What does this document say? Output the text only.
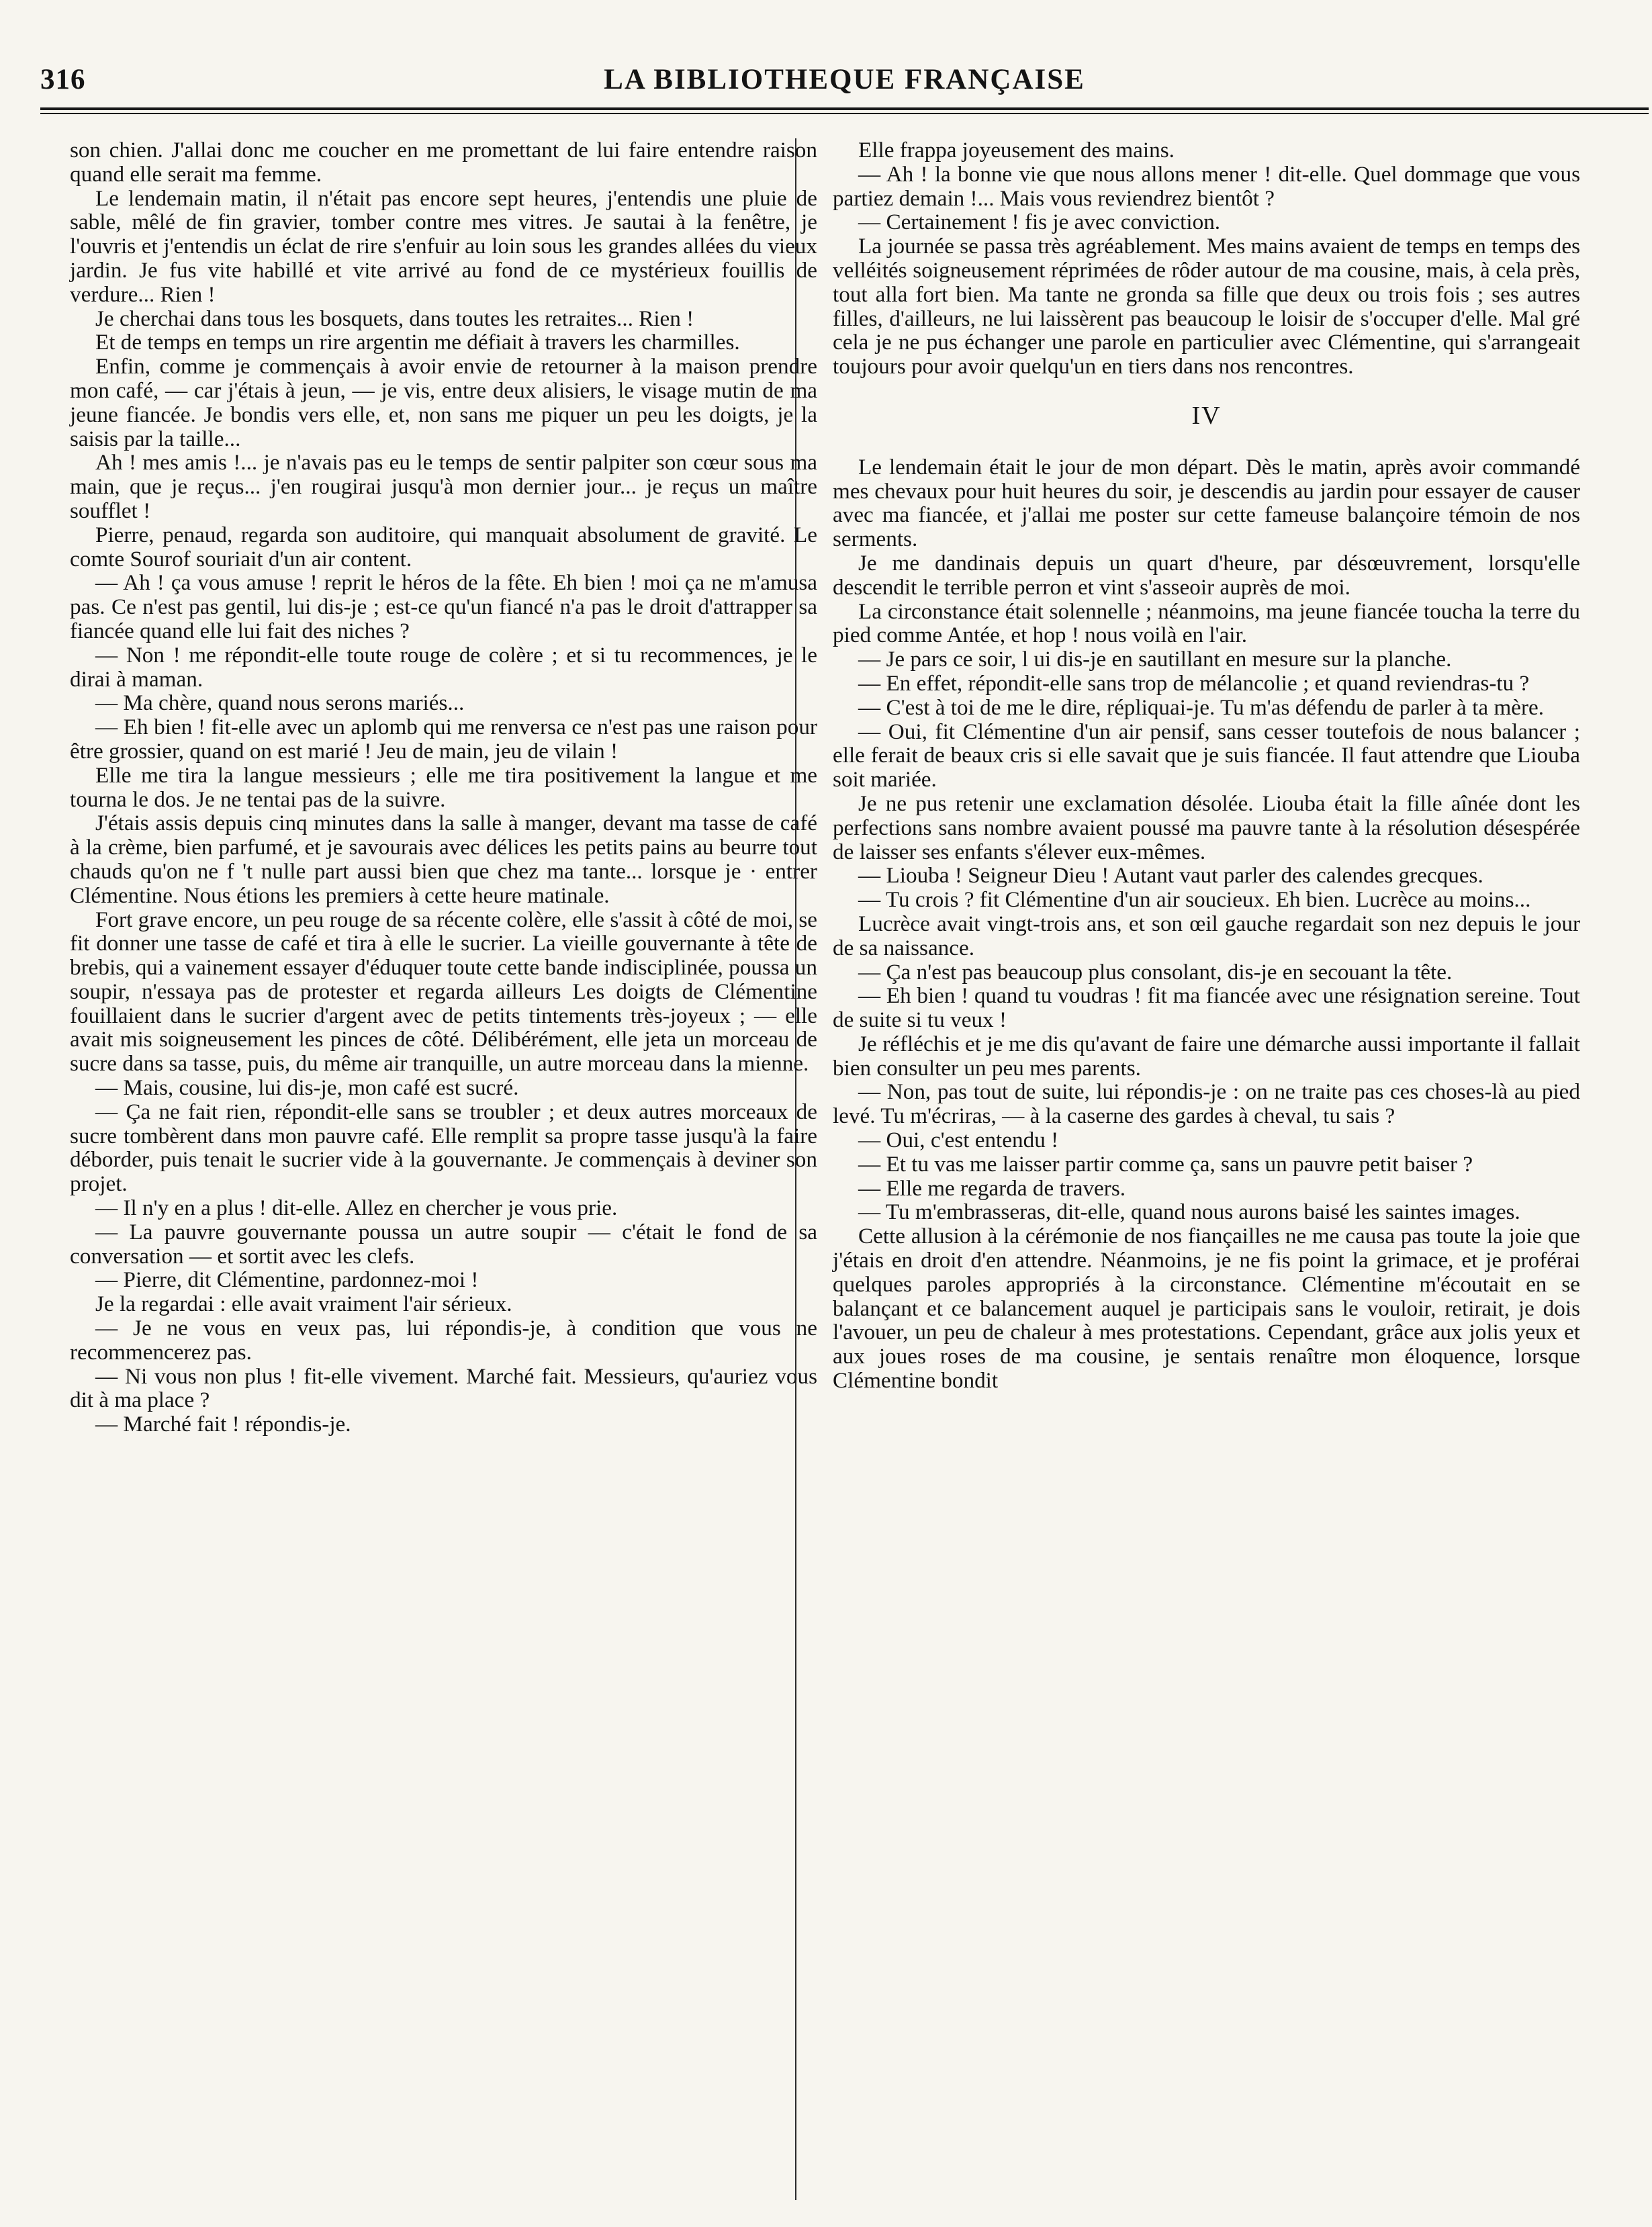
316	LA BIBLIOTHEQUE FRANÇAISE

son chien. J'allai donc me coucher en me promettant de lui faire entendre raison quand elle serait ma femme.

Le lendemain matin, il n'était pas encore sept heures, j'entendis une pluie de sable, mêlé de fin gravier, tomber contre mes vitres. Je sautai à la fenêtre, je l'ouvris et j'entendis un éclat de rire s'enfuir au loin sous les grandes allées du vieux jardin. Je fus vite habillé et vite arrivé au fond de ce mystérieux fouillis de verdure... Rien !

Je cherchai dans tous les bosquets, dans toutes les retraites... Rien !

Et de temps en temps un rire argentin me défiait à travers les charmilles.

Enfin, comme je commençais à avoir envie de retourner à la maison prendre mon café, — car j'étais à jeun, — je vis, entre deux alisiers, le visage mutin de ma jeune fiancée. Je bondis vers elle, et, non sans me piquer un peu les doigts, je la saisis par la taille...

Ah ! mes amis !... je n'avais pas eu le temps de sentir palpiter son cœur sous ma main, que je reçus... j'en rougirai jusqu'à mon dernier jour... je reçus un maître soufflet !

Pierre, penaud, regarda son auditoire, qui manquait absolument de gravité. Le comte Sourof souriait d'un air content.

— Ah ! ça vous amuse ! reprit le héros de la fête. Eh bien ! moi ça ne m'amusa pas. Ce n'est pas gentil, lui dis-je ; est-ce qu'un fiancé n'a pas le droit d'attrapper sa fiancée quand elle lui fait des niches ?

— Non ! me répondit-elle toute rouge de colère ; et si tu recommences, je le dirai à maman.

— Ma chère, quand nous serons mariés...

— Eh bien ! fit-elle avec un aplomb qui me renversa ce n'est pas une raison pour être grossier, quand on est marié ! Jeu de main, jeu de vilain !

Elle me tira la langue messieurs ; elle me tira positivement la langue et me tourna le dos. Je ne tentai pas de la suivre.

J'étais assis depuis cinq minutes dans la salle à manger, devant ma tasse de café à la crème, bien parfumé, et je savourais avec délices les petits pains au beurre tout chauds qu'on ne f 't nulle part aussi bien que chez ma tante... lorsque je · entrer Clémentine. Nous étions les premiers à cette heure matinale.

Fort grave encore, un peu rouge de sa récente colère, elle s'assit à côté de moi, se fit donner une tasse de café et tira à elle le sucrier. La vieille gouvernante à tête de brebis, qui a vainement essayer d'éduquer toute cette bande indisciplinée, poussa un soupir, n'essaya pas de protester et regarda ailleurs Les doigts de Clémentine fouillaient dans le sucrier d'argent avec de petits tintements très-joyeux ; — elle avait mis soigneusement les pinces de côté. Délibérément, elle jeta un morceau de sucre dans sa tasse, puis, du même air tranquille, un autre morceau dans la mienne.

— Mais, cousine, lui dis-je, mon café est sucré.

— Ça ne fait rien, répondit-elle sans se troubler ; et deux autres morceaux de sucre tombèrent dans mon pauvre café. Elle remplit sa propre tasse jusqu'à la faire déborder, puis tenait le sucrier vide à la gouvernante. Je commençais à deviner son projet.

— Il n'y en a plus ! dit-elle. Allez en chercher je vous prie.

— La pauvre gouvernante poussa un autre soupir — c'était le fond de sa conversation — et sortit avec les clefs.

— Pierre, dit Clémentine, pardonnez-moi !

Je la regardai : elle avait vraiment l'air sérieux.

— Je ne vous en veux pas, lui répondis-je, à condition que vous ne recommencerez pas.

— Ni vous non plus ! fit-elle vivement. Marché fait. Messieurs, qu'auriez vous dit à ma place ?

— Marché fait ! répondis-je.

Elle frappa joyeusement des mains.

— Ah ! la bonne vie que nous allons mener ! dit-elle. Quel dommage que vous partiez demain !... Mais vous reviendrez bientôt ?

— Certainement ! fis je avec conviction.

La journée se passa très agréablement. Mes mains avaient de temps en temps des velléités soigneusement réprimées de rôder autour de ma cousine, mais, à cela près, tout alla fort bien. Ma tante ne gronda sa fille que deux ou trois fois ; ses autres filles, d'ailleurs, ne lui laissèrent pas beaucoup le loisir de s'occuper d'elle. Mal gré cela je ne pus échanger une parole en particulier avec Clémentine, qui s'arrangeait toujours pour avoir quelqu'un en tiers dans nos rencontres.

IV

Le lendemain était le jour de mon départ. Dès le matin, après avoir commandé mes chevaux pour huit heures du soir, je descendis au jardin pour essayer de causer avec ma fiancée, et j'allai me poster sur cette fameuse balançoire témoin de nos serments.

Je me dandinais depuis un quart d'heure, par désœuvrement, lorsqu'elle descendit le terrible perron et vint s'asseoir auprès de moi.

La circonstance était solennelle ; néanmoins, ma jeune fiancée toucha la terre du pied comme Antée, et hop ! nous voilà en l'air.

— Je pars ce soir, l ui dis-je en sautillant en mesure sur la planche.

— En effet, répondit-elle sans trop de mélancolie ; et quand reviendras-tu ?

— C'est à toi de me le dire, répliquai-je. Tu m'as défendu de parler à ta mère.

— Oui, fit Clémentine d'un air pensif, sans cesser toutefois de nous balancer ; elle ferait de beaux cris si elle savait que je suis fiancée. Il faut attendre que Liouba soit mariée.

Je ne pus retenir une exclamation désolée. Liouba était la fille aînée dont les perfections sans nombre avaient poussé ma pauvre tante à la résolution désespérée de laisser ses enfants s'élever eux-mêmes.

— Liouba ! Seigneur Dieu ! Autant vaut parler des calendes grecques.

— Tu crois ? fit Clémentine d'un air soucieux. Eh bien. Lucrèce au moins...

Lucrèce avait vingt-trois ans, et son œil gauche regardait son nez depuis le jour de sa naissance.

— Ça n'est pas beaucoup plus consolant, dis-je en secouant la tête.

— Eh bien ! quand tu voudras ! fit ma fiancée avec une résignation sereine. Tout de suite si tu veux !

Je réfléchis et je me dis qu'avant de faire une démarche aussi importante il fallait bien consulter un peu mes parents.

— Non, pas tout de suite, lui répondis-je : on ne traite pas ces choses-là au pied levé. Tu m'écriras, — à la caserne des gardes à cheval, tu sais ?

— Oui, c'est entendu !

— Et tu vas me laisser partir comme ça, sans un pauvre petit baiser ?

— Elle me regarda de travers.

— Tu m'embrasseras, dit-elle, quand nous aurons baisé les saintes images.

Cette allusion à la cérémonie de nos fiançailles ne me causa pas toute la joie que j'étais en droit d'en attendre. Néanmoins, je ne fis point la grimace, et je proférai quelques paroles appropriés à la circonstance. Clémentine m'écoutait en se balançant et ce balancement auquel je participais sans le vouloir, retirait, je dois l'avouer, un peu de chaleur à mes protestations. Cependant, grâce aux jolis yeux et aux joues roses de ma cousine, je sentais renaître mon éloquence, lorsque Clémentine bondit
